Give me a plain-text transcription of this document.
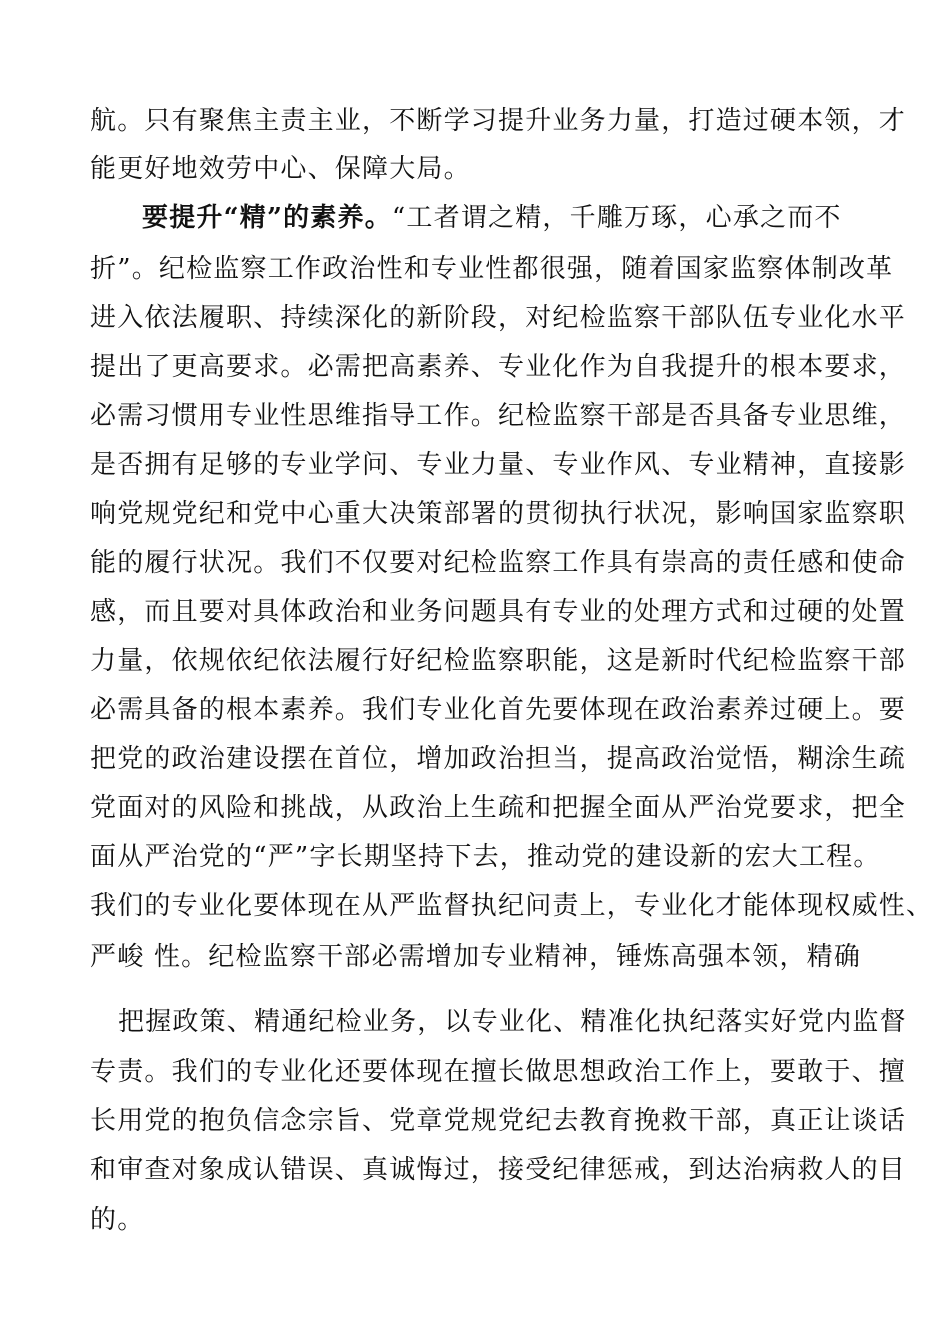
航。只有聚焦主责主业，不断学习提升业务力量，打造过硬本领，才
能更好地效劳中心、保障大局。
要提升“精”的素养。“工者谓之精，千雕万琢，心承之而不
折”。纪检监察工作政治性和专业性都很强，随着国家监察体制改革
进入依法履职、持续深化的新阶段，对纪检监察干部队伍专业化水平
提出了更高要求。必需把高素养、专业化作为自我提升的根本要求，
必需习惯用专业性思维指导工作。纪检监察干部是否具备专业思维，
是否拥有足够的专业学问、专业力量、专业作风、专业精神，直接影
响党规党纪和党中心重大决策部署的贯彻执行状况，影响国家监察职
能的履行状况。我们不仅要对纪检监察工作具有崇高的责任感和使命
感，而且要对具体政治和业务问题具有专业的处理方式和过硬的处置
力量，依规依纪依法履行好纪检监察职能，这是新时代纪检监察干部
必需具备的根本素养。我们专业化首先要体现在政治素养过硬上。要
把党的政治建设摆在首位，增加政治担当，提高政治觉悟，糊涂生疏
党面对的风险和挑战，从政治上生疏和把握全面从严治党要求，把全
面从严治党的“严”字长期坚持下去，推动党的建设新的宏大工程。
我们的专业化要体现在从严监督执纪问责上，专业化才能体现权威性、
严峻 性。纪检监察干部必需增加专业精神，锤炼高强本领，精确
把握政策、精通纪检业务，以专业化、精准化执纪落实好党内监督
专责。我们的专业化还要体现在擅长做思想政治工作上，要敢于、擅
长用党的抱负信念宗旨、党章党规党纪去教育挽救干部，真正让谈话
和审查对象成认错误、真诚悔过，接受纪律惩戒，到达治病救人的目
的。
